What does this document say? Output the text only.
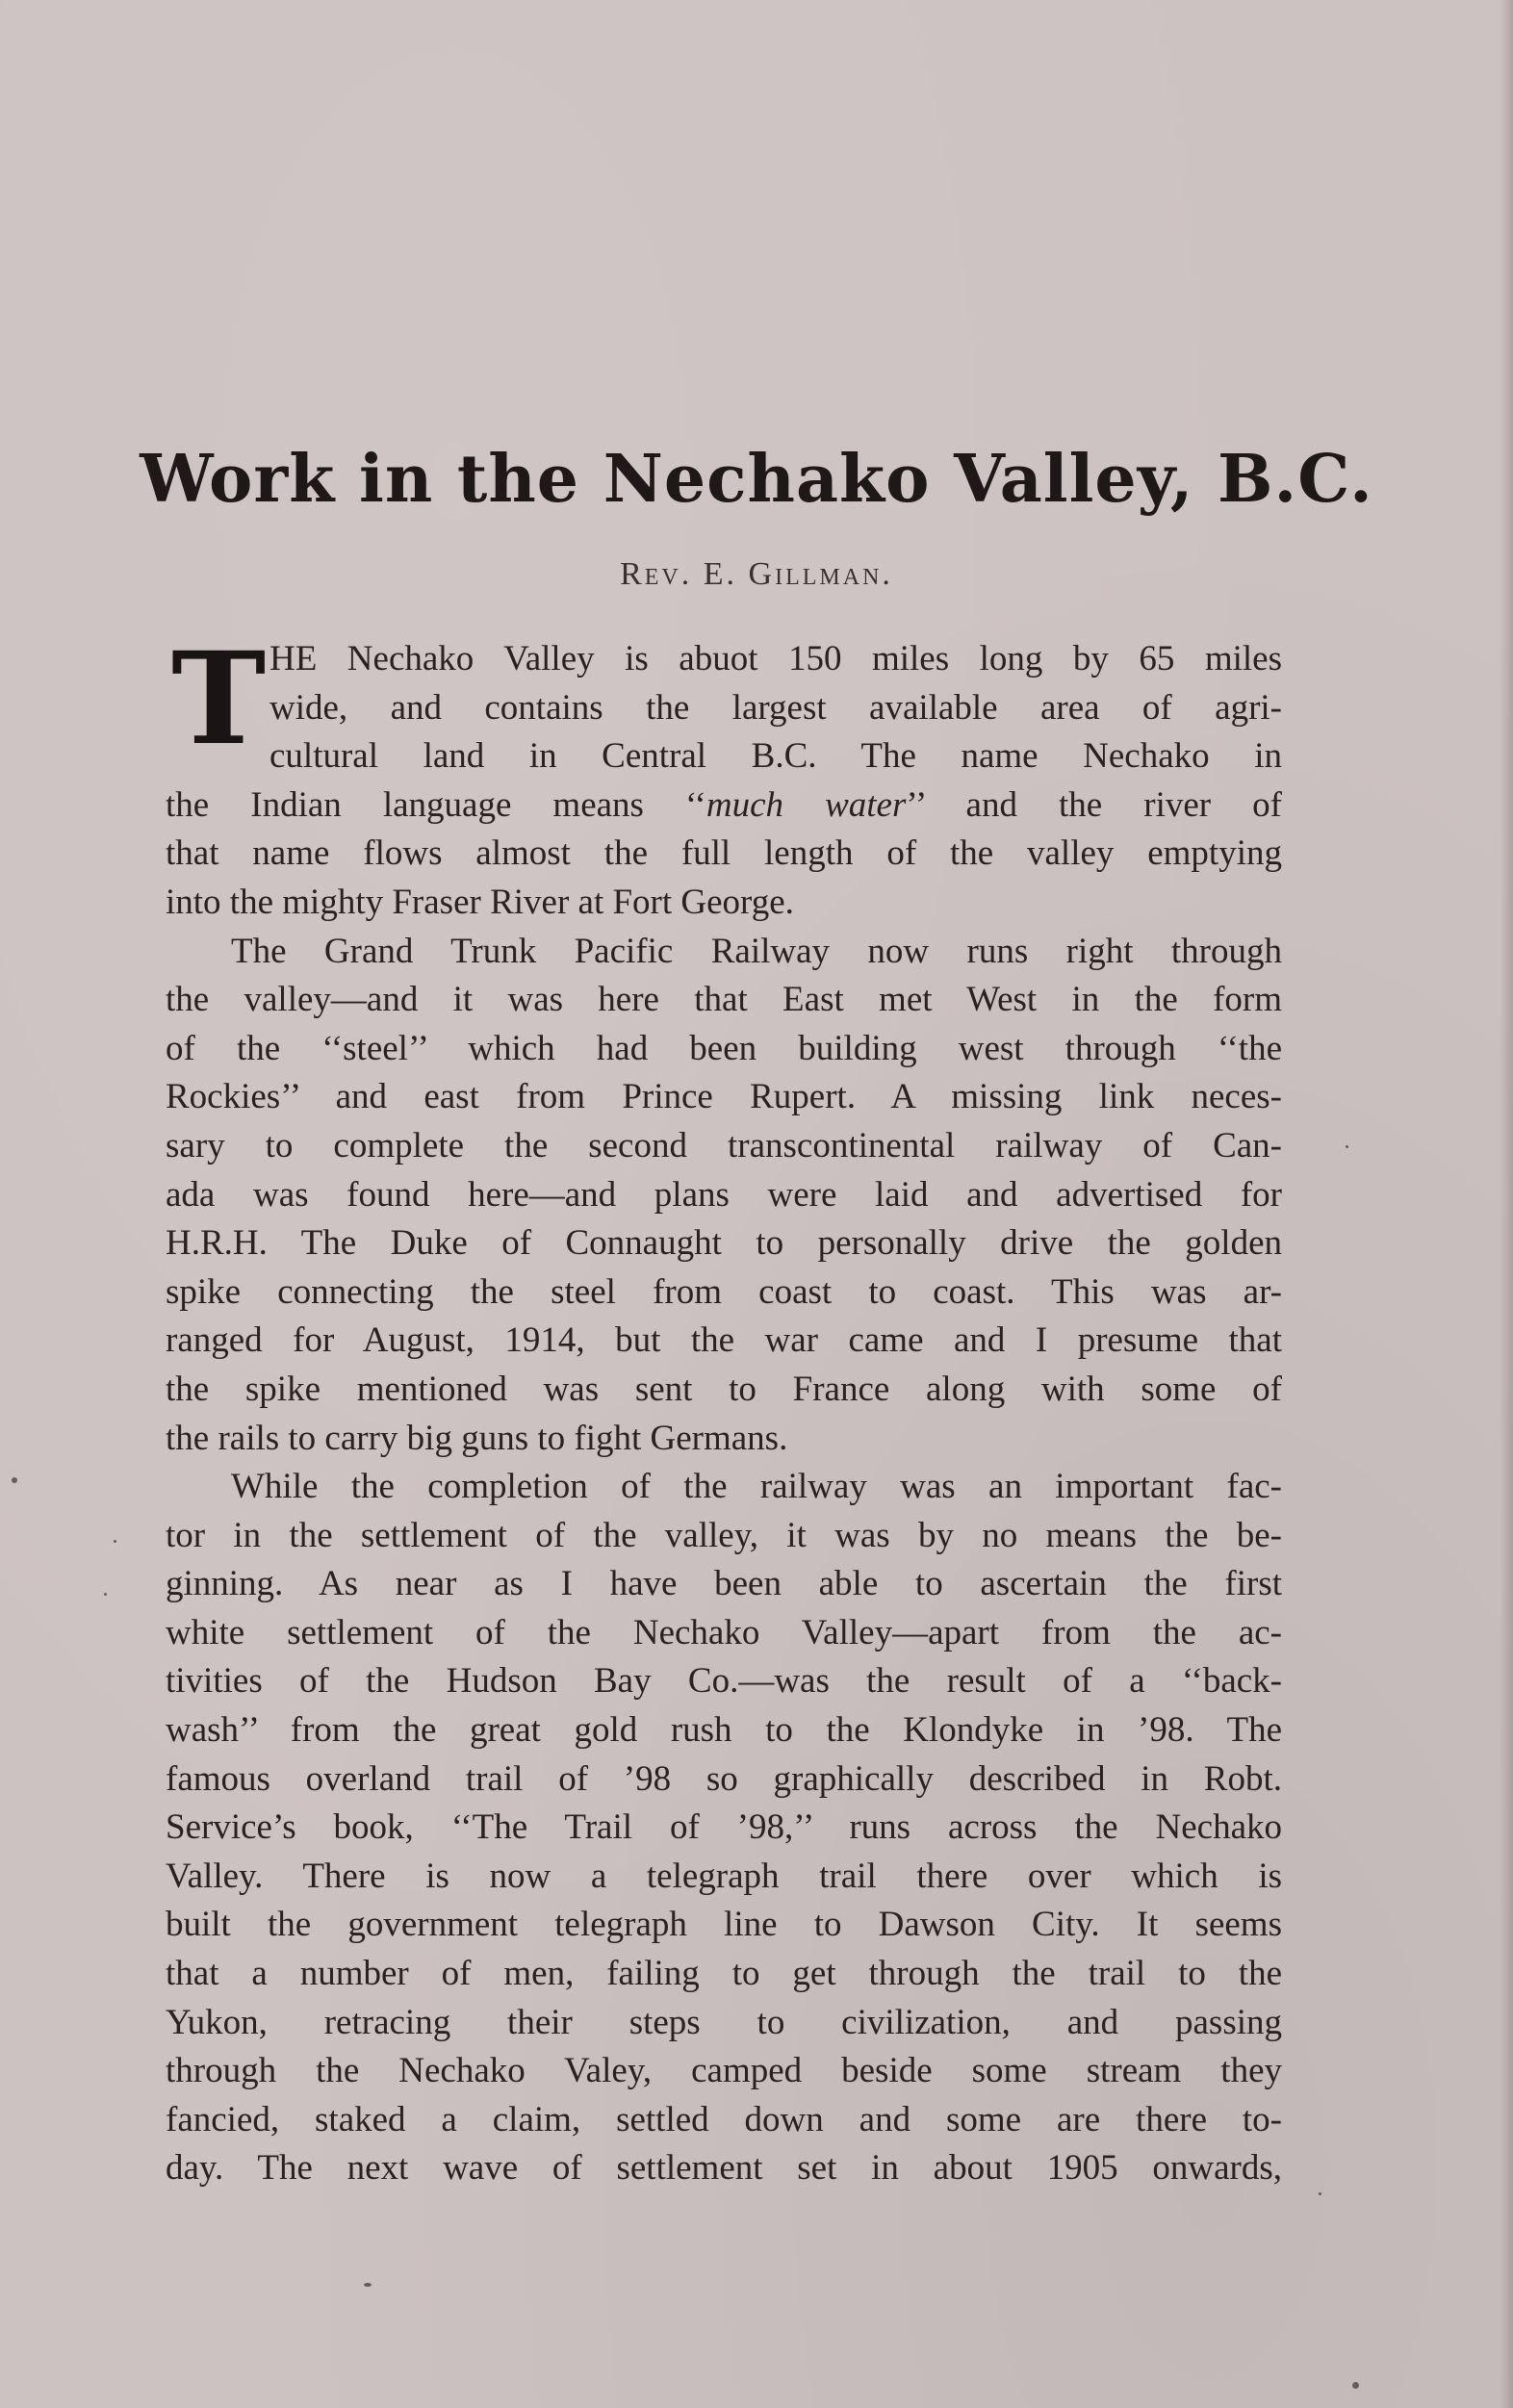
Work in the Nechako Valley, B.C.
Rev. E. Gillman.
T HE Nechako Valley is abuot 150 miles long by 65 miles
wide, and contains the largest available area of agri-
cultural land in Central B.C. The name Nechako in
the Indian language means ‘‘much water’’ and the river of
that name flows almost the full length of the valley emptying
into the mighty Fraser River at Fort George.
The Grand Trunk Pacific Railway now runs right through
the valley—and it was here that East met West in the form
of the ‘‘steel’’ which had been building west through ‘‘the
Rockies’’ and east from Prince Rupert. A missing link neces-
sary to complete the second transcontinental railway of Can-
ada was found here—and plans were laid and advertised for
H.R.H. The Duke of Connaught to personally drive the golden
spike connecting the steel from coast to coast. This was ar-
ranged for August, 1914, but the war came and I presume that
the spike mentioned was sent to France along with some of
the rails to carry big guns to fight Germans.
While the completion of the railway was an important fac-
tor in the settlement of the valley, it was by no means the be-
ginning. As near as I have been able to ascertain the first
white settlement of the Nechako Valley—apart from the ac-
tivities of the Hudson Bay Co.—was the result of a ‘‘back-
wash’’ from the great gold rush to the Klondyke in ’98. The
famous overland trail of ’98 so graphically described in Robt.
Service’s book, ‘‘The Trail of ’98,’’ runs across the Nechako
Valley. There is now a telegraph trail there over which is
built the government telegraph line to Dawson City. It seems
that a number of men, failing to get through the trail to the
Yukon, retracing their steps to civilization, and passing
through the Nechako Valey, camped beside some stream they
fancied, staked a claim, settled down and some are there to-
day. The next wave of settlement set in about 1905 onwards,
